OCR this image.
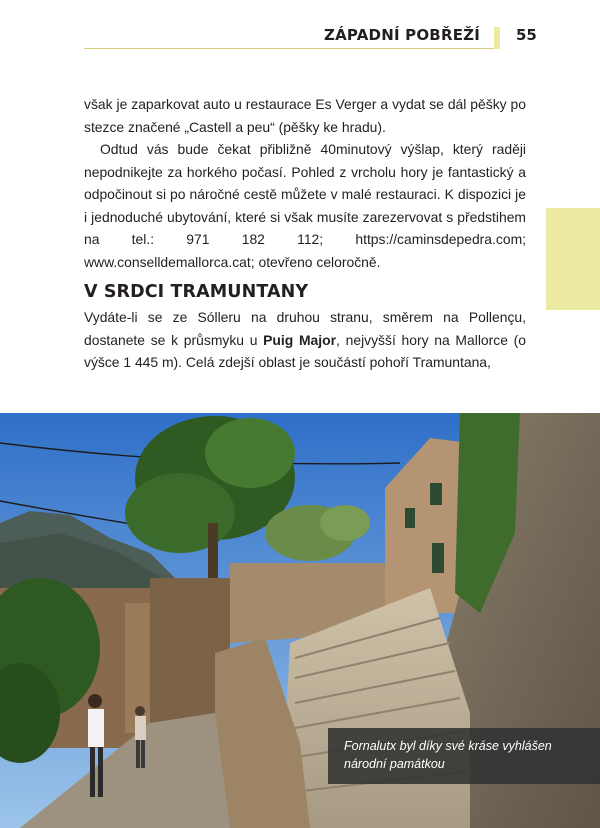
ZÁPADNÍ POBŘEŽÍ 55
však je zaparkovat auto u restaurace Es Verger a vydat se dál pěšky po stezce značené „Castell a peu“ (pěšky ke hradu).
Odtud vás bude čekat přibližně 40minutový výšlap, který raději nepodnikejte za horkého počasí. Pohled z vrcholu hory je fantastický a odpočinout si po náročné cestě můžete v malé restauraci. K dispozici je i jednoduché ubytování, které si však musíte zarezervovat s předstihem na tel.: 971 182 112; https://caminsdepedra.com; www.conselldemallorca.cat; otevřeno celoročně.
V SRDCI TRAMUNTANY
Vydáte-li se ze Sólleru na druhou stranu, směrem na Pollençu, dostanete se k průsmyku u Puig Major, nejvyšší hory na Mallorce (o výšce 1 445 m). Celá zdejší oblast je součástí pohoří Tramuntana,
Fornalutx byl díky své kráse vyhlášen národní památkou
